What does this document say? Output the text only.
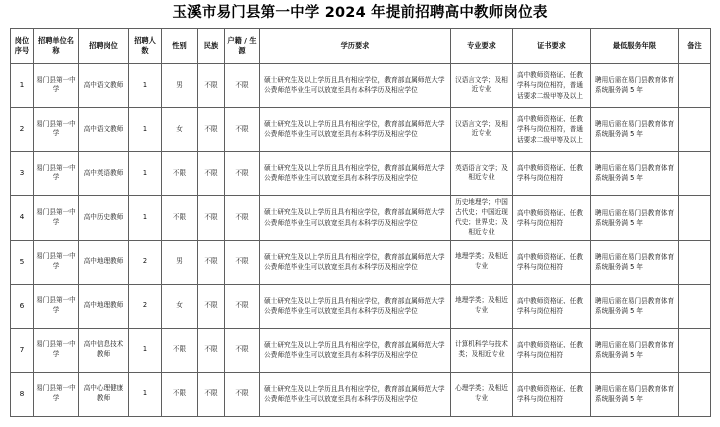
玉溪市易门县第一中学 2024 年提前招聘高中教师岗位表
岗位序号	招聘单位名称	招聘岗位	招聘人数	性别	民族	户籍 / 生源	学历要求	专业要求	证书要求	最低服务年限	备注
1	易门县第一中学	高中语文教师	1	男	不限	不限	硕士研究生及以上学历且具有相应学位，教育部直属师范大学公费师范毕业生可以放宽至具有本科学历及相应学位	汉语言文学；及相近专业	高中教师资格证、任教学科与岗位相符，普通话要求二级甲等及以上	聘用后需在易门县教育体育系统服务满 5 年	
2	易门县第一中学	高中语文教师	1	女	不限	不限	硕士研究生及以上学历且具有相应学位，教育部直属师范大学公费师范毕业生可以放宽至具有本科学历及相应学位	汉语言文学；及相近专业	高中教师资格证、任教学科与岗位相符，普通话要求二级甲等及以上	聘用后需在易门县教育体育系统服务满 5 年	
3	易门县第一中学	高中英语教师	1	不限	不限	不限	硕士研究生及以上学历且具有相应学位，教育部直属师范大学公费师范毕业生可以放宽至具有本科学历及相应学位	英语语言文学；及相近专业	高中教师资格证、任教学科与岗位相符	聘用后需在易门县教育体育系统服务满 5 年	
4	易门县第一中学	高中历史教师	1	不限	不限	不限	硕士研究生及以上学历且具有相应学位，教育部直属师范大学公费师范毕业生可以放宽至具有本科学历及相应学位	历史地理学；中国古代史；中国近现代史；世界史；及相近专业	高中教师资格证、任教学科与岗位相符	聘用后需在易门县教育体育系统服务满 5 年	
5	易门县第一中学	高中地理教师	2	男	不限	不限	硕士研究生及以上学历且具有相应学位，教育部直属师范大学公费师范毕业生可以放宽至具有本科学历及相应学位	地理学类；及相近专业	高中教师资格证、任教学科与岗位相符	聘用后需在易门县教育体育系统服务满 5 年	
6	易门县第一中学	高中地理教师	2	女	不限	不限	硕士研究生及以上学历且具有相应学位，教育部直属师范大学公费师范毕业生可以放宽至具有本科学历及相应学位	地理学类；及相近专业	高中教师资格证、任教学科与岗位相符	聘用后需在易门县教育体育系统服务满 5 年	
7	易门县第一中学	高中信息技术教师	1	不限	不限	不限	硕士研究生及以上学历且具有相应学位，教育部直属师范大学公费师范毕业生可以放宽至具有本科学历及相应学位	计算机科学与技术类；及相近专业	高中教师资格证、任教学科与岗位相符	聘用后需在易门县教育体育系统服务满 5 年	
8	易门县第一中学	高中心理健康教师	1	不限	不限	不限	硕士研究生及以上学历且具有相应学位，教育部直属师范大学公费师范毕业生可以放宽至具有本科学历及相应学位	心理学类；及相近专业	高中教师资格证、任教学科与岗位相符	聘用后需在易门县教育体育系统服务满 5 年	
